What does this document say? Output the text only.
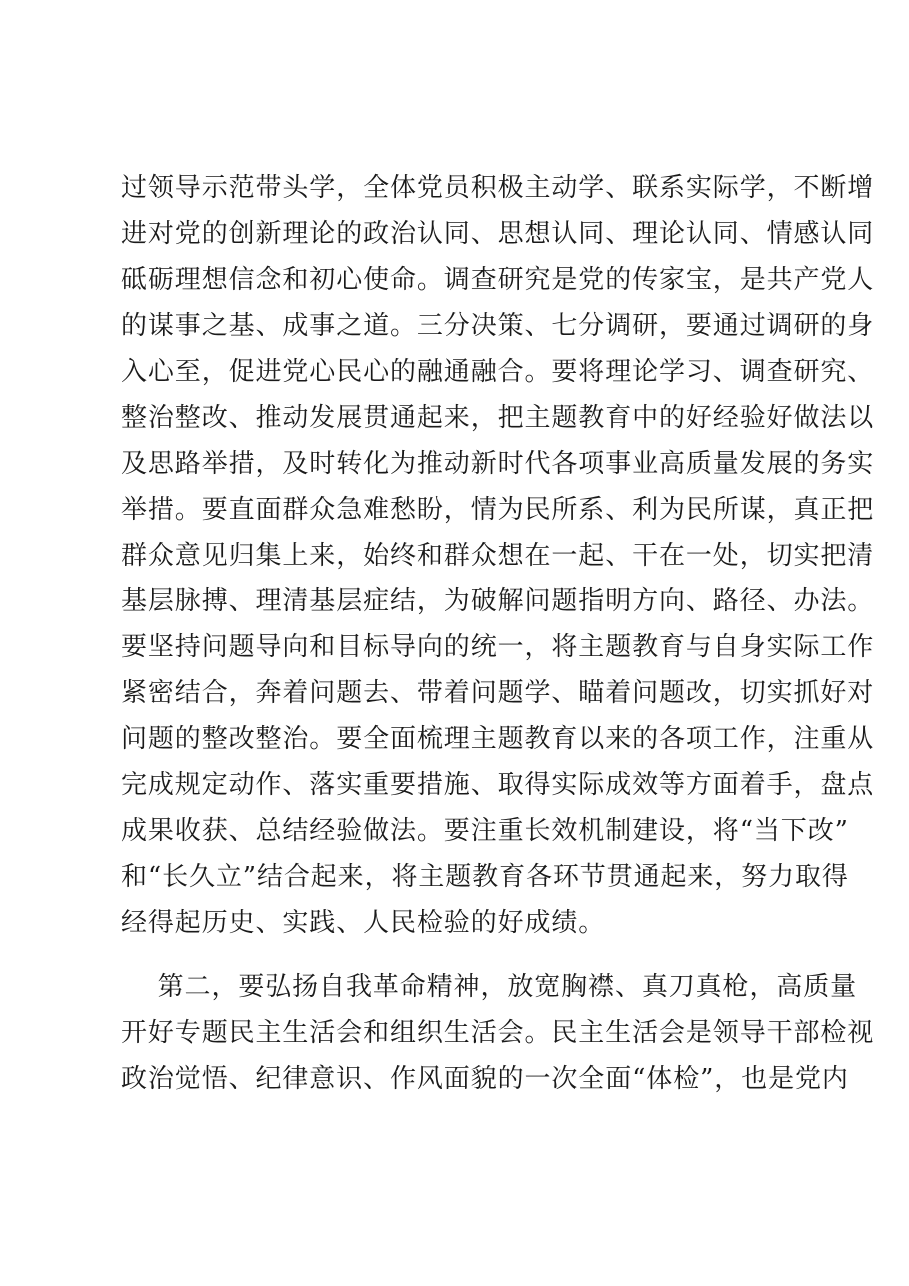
过领导示范带头学，全体党员积极主动学、联系实际学，不断增
进对党的创新理论的政治认同、思想认同、理论认同、情感认同
砥砺理想信念和初心使命。调查研究是党的传家宝，是共产党人
的谋事之基、成事之道。三分决策、七分调研，要通过调研的身
入心至，促进党心民心的融通融合。要将理论学习、调查研究、
整治整改、推动发展贯通起来，把主题教育中的好经验好做法以
及思路举措，及时转化为推动新时代各项事业高质量发展的务实
举措。要直面群众急难愁盼，情为民所系、利为民所谋，真正把
群众意见归集上来，始终和群众想在一起、干在一处，切实把清
基层脉搏、理清基层症结，为破解问题指明方向、路径、办法。
要坚持问题导向和目标导向的统一，将主题教育与自身实际工作
紧密结合，奔着问题去、带着问题学、瞄着问题改，切实抓好对
问题的整改整治。要全面梳理主题教育以来的各项工作，注重从
完成规定动作、落实重要措施、取得实际成效等方面着手，盘点
成果收获、总结经验做法。要注重长效机制建设，将“当下改”
和“长久立”结合起来，将主题教育各环节贯通起来，努力取得
经得起历史、实践、人民检验的好成绩。
第二，要弘扬自我革命精神，放宽胸襟、真刀真枪，高质量
开好专题民主生活会和组织生活会。民主生活会是领导干部检视
政治觉悟、纪律意识、作风面貌的一次全面“体检”，也是党内
